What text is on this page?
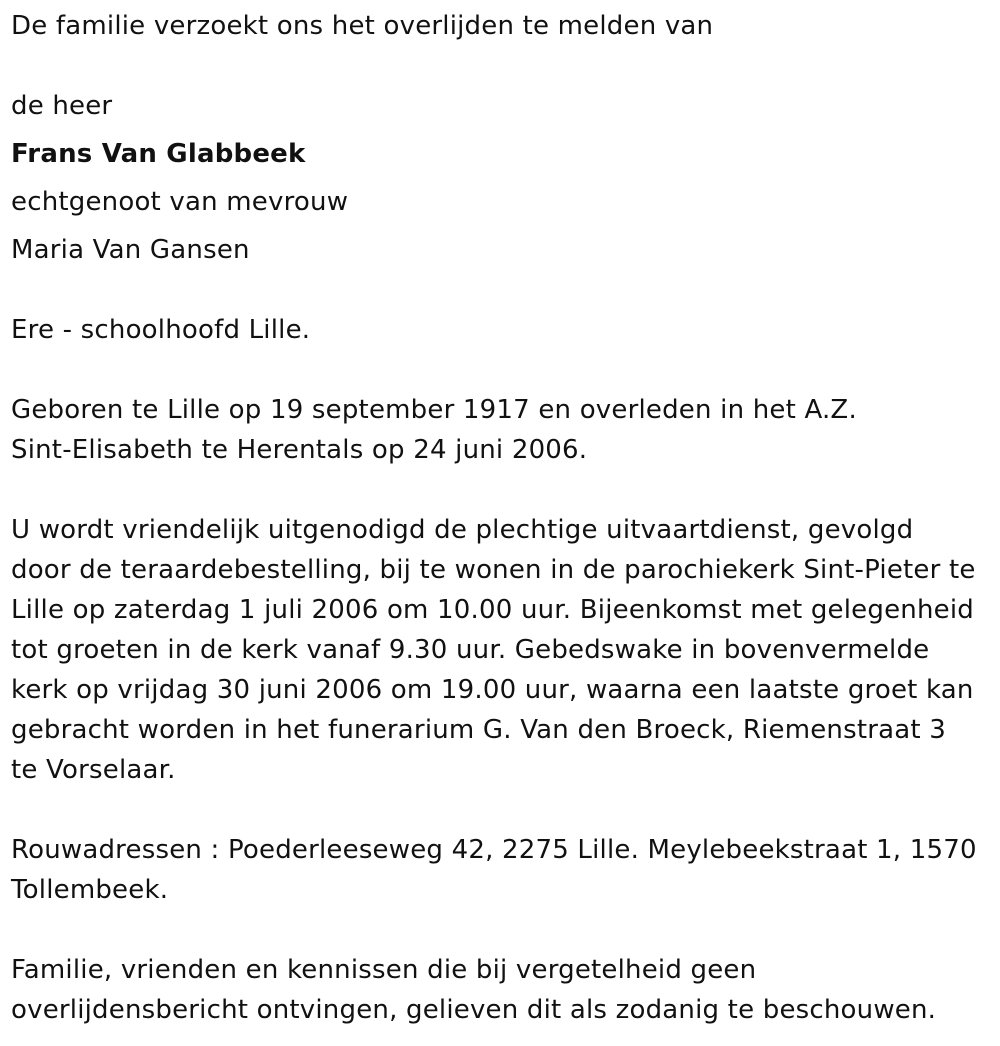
De familie verzoekt ons het overlijden te melden van

de heer

Frans Van Glabbeek

echtgenoot van mevrouw

Maria Van Gansen

Ere - schoolhoofd Lille.

Geboren te Lille op 19 september 1917 en overleden in het A.Z.
Sint-Elisabeth te Herentals op 24 juni 2006.

U wordt vriendelijk uitgenodigd de plechtige uitvaartdienst, gevolgd
door de teraardebestelling, bij te wonen in de parochiekerk Sint-Pieter te
Lille op zaterdag 1 juli 2006 om 10.00 uur. Bijeenkomst met gelegenheid
tot groeten in de kerk vanaf 9.30 uur. Gebedswake in bovenvermelde
kerk op vrijdag 30 juni 2006 om 19.00 uur, waarna een laatste groet kan
gebracht worden in het funerarium G. Van den Broeck, Riemenstraat 3
te Vorselaar.

Rouwadressen : Poederleeseweg 42, 2275 Lille. Meylebeekstraat 1, 1570
Tollembeek.

Familie, vrienden en kennissen die bij vergetelheid geen
overlijdensbericht ontvingen, gelieven dit als zodanig te beschouwen.
